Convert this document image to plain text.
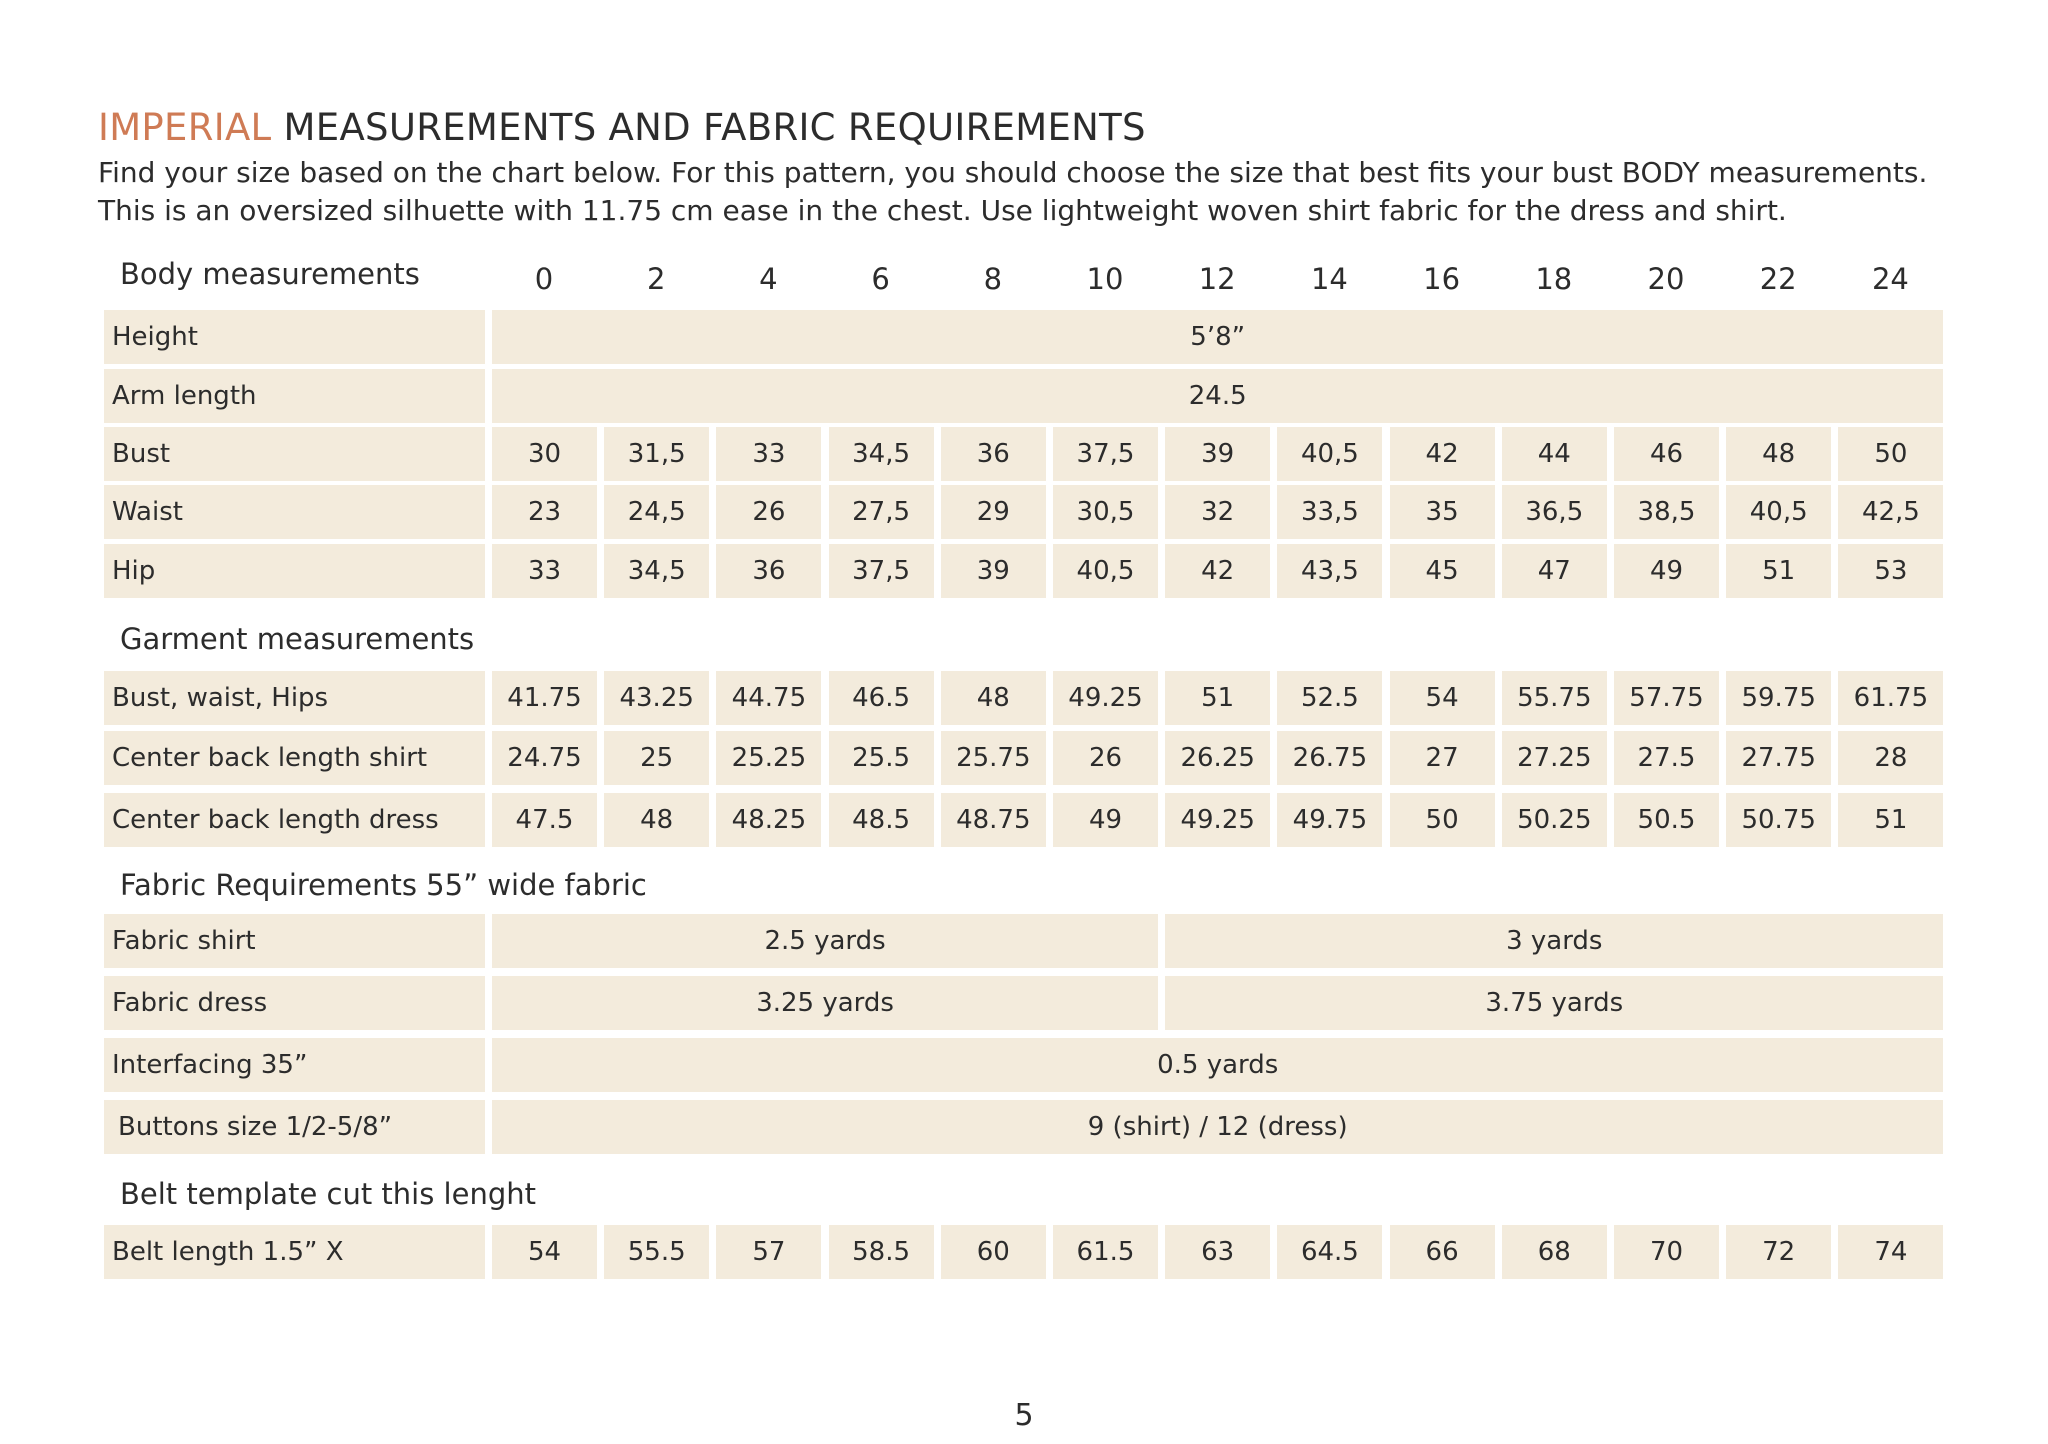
IMPERIAL MEASUREMENTS AND FABRIC REQUIREMENTS

Find your size based on the chart below. For this pattern, you should choose the size that best fits your bust BODY measurements.

This is an oversized silhuette with 11.75 cm ease in the chest. Use lightweight woven shirt fabric for the dress and shirt.

Body measurements
Garment measurements
Fabric Requirements 55” wide fabric
Belt template cut this lenght
0	2	4	6	8	10	12	14	16	18	20	22	24
Height	5’8”
Arm length	24.5
Bust	30	31,5	33	34,5	36	37,5	39	40,5	42	44	46	48	50
Waist	23	24,5	26	27,5	29	30,5	32	33,5	35	36,5	38,5	40,5	42,5
Hip	33	34,5	36	37,5	39	40,5	42	43,5	45	47	49	51	53
Bust, waist, Hips	41.75	43.25	44.75	46.5	48	49.25	51	52.5	54	55.75	57.75	59.75	61.75
Center back length shirt	24.75	25	25.25	25.5	25.75	26	26.25	26.75	27	27.25	27.5	27.75	28
Center back length dress	47.5	48	48.25	48.5	48.75	49	49.25	49.75	50	50.25	50.5	50.75	51
Fabric shirt	2.5 yards	3 yards
Fabric dress	3.25 yards	3.75 yards
Interfacing 35”	0.5 yards
Buttons size 1/2-5/8”	9 (shirt) / 12 (dress)
Belt length 1.5” X	54	55.5	57	58.5	60	61.5	63	64.5	66	68	70	72	74
5
